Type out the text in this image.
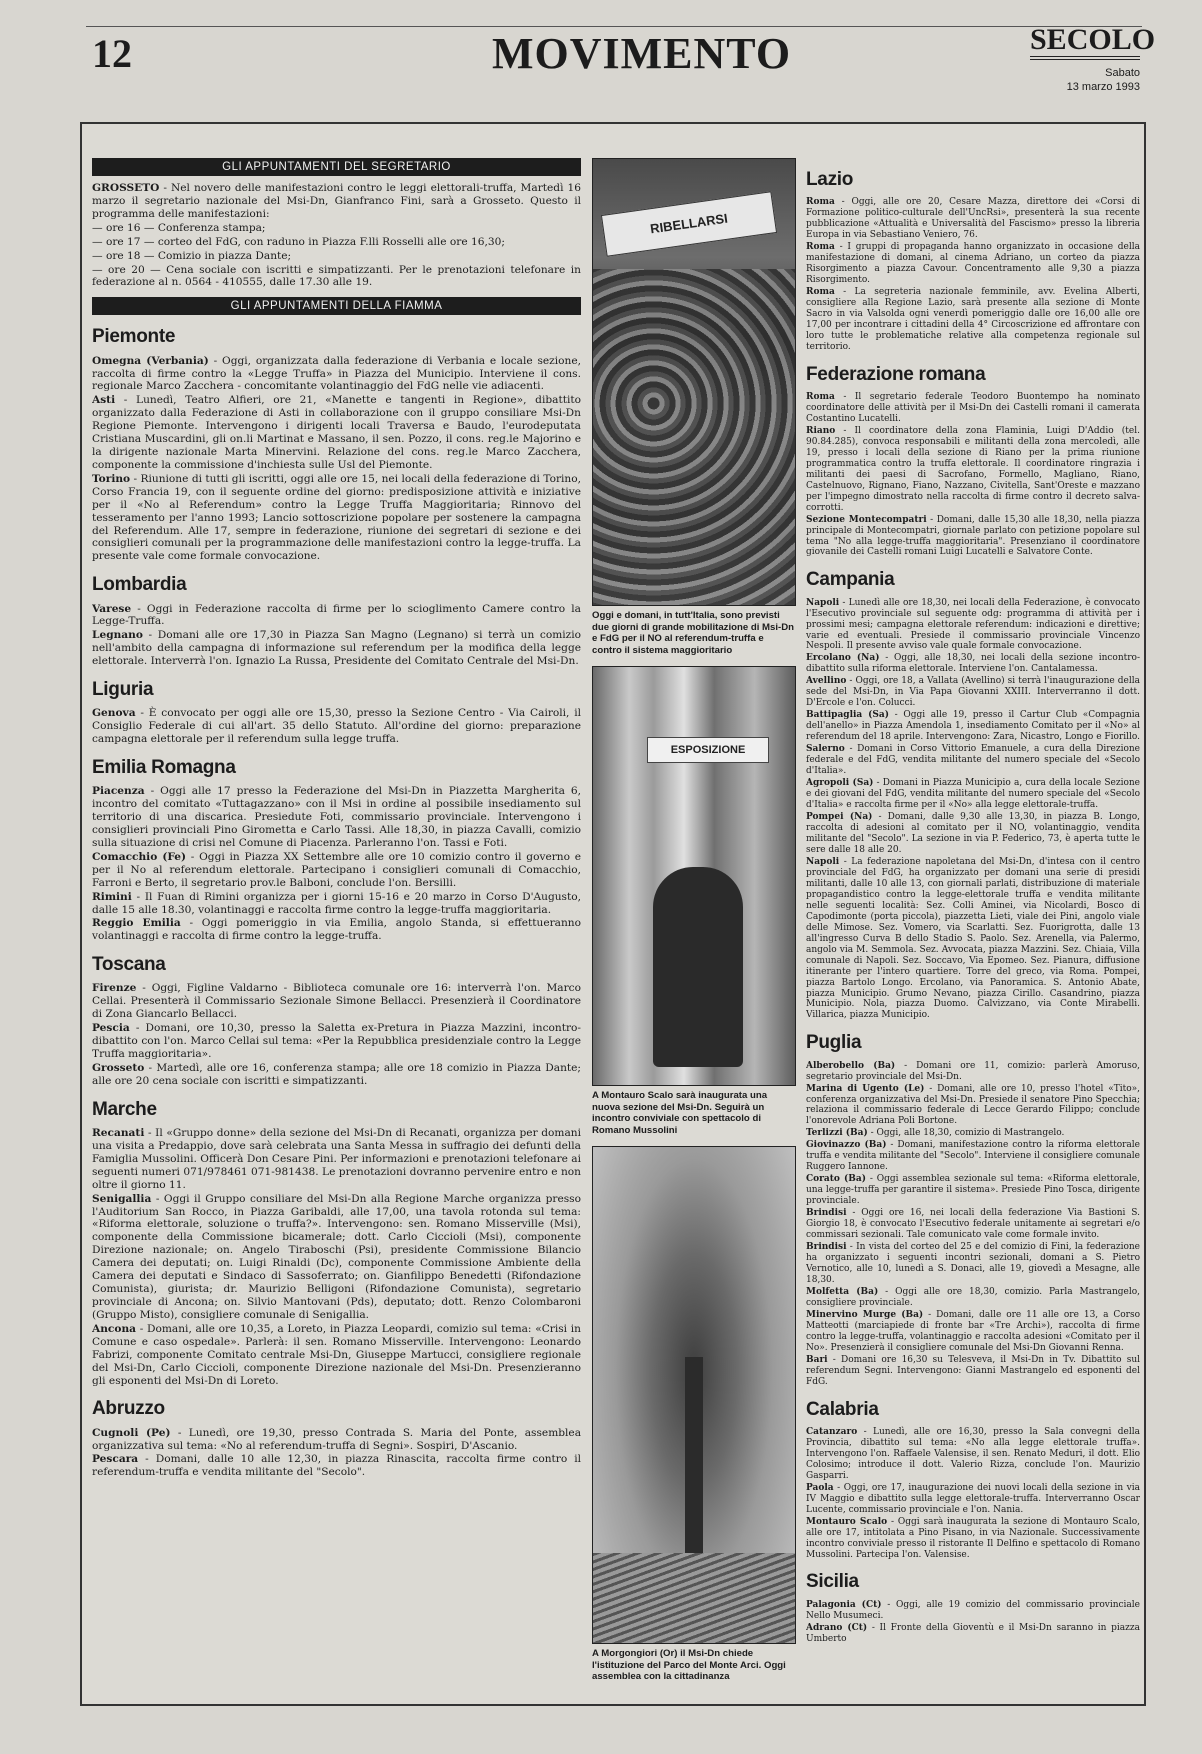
12	MOVIMENTO	SECOLO
Sabato
13 marzo 1993
GLI APPUNTAMENTI DEL SEGRETARIO

GROSSETO - Nel novero delle manifestazioni contro le leggi elettorali-truffa, Martedì 16 marzo il segretario nazionale del Msi-Dn, Gianfranco Fini, sarà a Grosseto. Questo il programma delle manifestazioni:

— ore 16 — Conferenza stampa;

— ore 17 — corteo del FdG, con raduno in Piazza F.lli Rosselli alle ore 16,30;

— ore 18 — Comizio in piazza Dante;

— ore 20 — Cena sociale con iscritti e simpatizzanti. Per le prenotazioni telefonare in federazione al n. 0564 - 410555, dalle 17.30 alle 19.

GLI APPUNTAMENTI DELLA FIAMMA
Piemonte

Omegna (Verbania) - Oggi, organizzata dalla federazione di Verbania e locale sezione, raccolta di firme contro la «Legge Truffa» in Piazza del Municipio. Interviene il cons. regionale Marco Zacchera - concomitante volantinaggio del FdG nelle vie adiacenti.

Asti - Lunedì, Teatro Alfieri, ore 21, «Manette e tangenti in Regione», dibattito organizzato dalla Federazione di Asti in collaborazione con il gruppo consiliare Msi-Dn Regione Piemonte. Intervengono i dirigenti locali Traversa e Baudo, l'eurodeputata Cristiana Muscardini, gli on.li Martinat e Massano, il sen. Pozzo, il cons. reg.le Majorino e la dirigente nazionale Marta Minervini. Relazione del cons. reg.le Marco Zacchera, componente la commissione d'inchiesta sulle Usl del Piemonte.

Torino - Riunione di tutti gli iscritti, oggi alle ore 15, nei locali della federazione di Torino, Corso Francia 19, con il seguente ordine del giorno: predisposizione attività e iniziative per il «No al Referendum» contro la Legge Truffa Maggioritaria; Rinnovo del tesseramento per l'anno 1993; Lancio sottoscrizione popolare per sostenere la campagna del Referendum. Alle 17, sempre in federazione, riunione dei segretari di sezione e dei consiglieri comunali per la programmazione delle manifestazioni contro la legge-truffa. La presente vale come formale convocazione.

Lombardia

Varese - Oggi in Federazione raccolta di firme per lo scioglimento Camere contro la Legge-Truffa.

Legnano - Domani alle ore 17,30 in Piazza San Magno (Legnano) si terrà un comizio nell'ambito della campagna di informazione sul referendum per la modifica della legge elettorale. Interverrà l'on. Ignazio La Russa, Presidente del Comitato Centrale del Msi-Dn.

Liguria

Genova - È convocato per oggi alle ore 15,30, presso la Sezione Centro - Via Cairoli, il Consiglio Federale di cui all'art. 35 dello Statuto. All'ordine del giorno: preparazione campagna elettorale per il referendum sulla legge truffa.

Emilia Romagna

Piacenza - Oggi alle 17 presso la Federazione del Msi-Dn in Piazzetta Margherita 6, incontro del comitato «Tuttagazzano» con il Msi in ordine al possibile insediamento sul territorio di una discarica. Presiedute Foti, commissario provinciale. Intervengono i consiglieri provinciali Pino Girometta e Carlo Tassi. Alle 18,30, in piazza Cavalli, comizio sulla situazione di crisi nel Comune di Piacenza. Parleranno l'on. Tassi e Foti.

Comacchio (Fe) - Oggi in Piazza XX Settembre alle ore 10 comizio contro il governo e per il No al referendum elettorale. Partecipano i consiglieri comunali di Comacchio, Farroni e Berto, il segretario prov.le Balboni, conclude l'on. Bersilli.

Rimini - Il Fuan di Rimini organizza per i giorni 15-16 e 20 marzo in Corso D'Augusto, dalle 15 alle 18.30, volantinaggi e raccolta firme contro la legge-truffa maggioritaria.

Reggio Emilia - Oggi pomeriggio in via Emilia, angolo Standa, si effettueranno volantinaggi e raccolta di firme contro la legge-truffa.

Toscana

Firenze - Oggi, Figline Valdarno - Biblioteca comunale ore 16: interverrà l'on. Marco Cellai. Presenterà il Commissario Sezionale Simone Bellacci. Presenzierà il Coordinatore di Zona Giancarlo Bellacci.

Pescia - Domani, ore 10,30, presso la Saletta ex-Pretura in Piazza Mazzini, incontro-dibattito con l'on. Marco Cellai sul tema: «Per la Repubblica presidenziale contro la Legge Truffa maggioritaria».

Grosseto - Martedì, alle ore 16, conferenza stampa; alle ore 18 comizio in Piazza Dante; alle ore 20 cena sociale con iscritti e simpatizzanti.

Marche

Recanati - Il «Gruppo donne» della sezione del Msi-Dn di Recanati, organizza per domani una visita a Predappio, dove sarà celebrata una Santa Messa in suffragio dei defunti della Famiglia Mussolini. Officerà Don Cesare Pini. Per informazioni e prenotazioni telefonare ai seguenti numeri 071/978461 071-981438. Le prenotazioni dovranno pervenire entro e non oltre il giorno 11.

Senigallia - Oggi il Gruppo consiliare del Msi-Dn alla Regione Marche organizza presso l'Auditorium San Rocco, in Piazza Garibaldi, alle 17,00, una tavola rotonda sul tema: «Riforma elettorale, soluzione o truffa?». Intervengono: sen. Romano Misserville (Msi), componente della Commissione bicamerale; dott. Carlo Ciccioli (Msi), componente Direzione nazionale; on. Angelo Tiraboschi (Psi), presidente Commissione Bilancio Camera dei deputati; on. Luigi Rinaldi (Dc), componente Commissione Ambiente della Camera dei deputati e Sindaco di Sassoferrato; on. Gianfilippo Benedetti (Rifondazione Comunista), giurista; dr. Maurizio Belligoni (Rifondazione Comunista), segretario provinciale di Ancona; on. Silvio Mantovani (Pds), deputato; dott. Renzo Colombaroni (Gruppo Misto), consigliere comunale di Senigallia.

Ancona - Domani, alle ore 10,35, a Loreto, in Piazza Leopardi, comizio sul tema: «Crisi in Comune e caso ospedale». Parlerà: il sen. Romano Misserville. Intervengono: Leonardo Fabrizi, componente Comitato centrale Msi-Dn, Giuseppe Martucci, consigliere regionale del Msi-Dn, Carlo Ciccioli, componente Direzione nazionale del Msi-Dn. Presenzieranno gli esponenti del Msi-Dn di Loreto.

Abruzzo

Cugnoli (Pe) - Lunedì, ore 19,30, presso Contrada S. Maria del Ponte, assemblea organizzativa sul tema: «No al referendum-truffa di Segni». Sospiri, D'Ascanio.

Pescara - Domani, dalle 10 alle 12,30, in piazza Rinascita, raccolta firme contro il referendum-truffa e vendita militante del "Secolo".

RIBELLARSI
Oggi e domani, in tutt'Italia, sono previsti due giorni di grande mobilitazione di Msi-Dn e FdG per il NO al referendum-truffa e contro il sistema maggioritario
ESPOSIZIONE
A Montauro Scalo sarà inaugurata una nuova sezione del Msi-Dn. Seguirà un incontro conviviale con spettacolo di Romano Mussolini
A Morgongiori (Or) il Msi-Dn chiede l'istituzione del Parco del Monte Arci. Oggi assemblea con la cittadinanza
Lazio

Roma - Oggi, alle ore 20, Cesare Mazza, direttore dei «Corsi di Formazione politico-culturale dell'UncRsi», presenterà la sua recente pubblicazione «Attualità e Universalità del Fascismo» presso la libreria Europa in via Sebastiano Veniero, 76.

Roma - I gruppi di propaganda hanno organizzato in occasione della manifestazione di domani, al cinema Adriano, un corteo da piazza Risorgimento a piazza Cavour. Concentramento alle 9,30 a piazza Risorgimento.

Roma - La segreteria nazionale femminile, avv. Evelina Alberti, consigliere alla Regione Lazio, sarà presente alla sezione di Monte Sacro in via Valsolda ogni venerdì pomeriggio dalle ore 16,00 alle ore 17,00 per incontrare i cittadini della 4° Circoscrizione ed affrontare con loro tutte le problematiche relative alla competenza regionale sul territorio.

Federazione romana

Roma - Il segretario federale Teodoro Buontempo ha nominato coordinatore delle attività per il Msi-Dn dei Castelli romani il camerata Costantino Lucatelli.

Riano - Il coordinatore della zona Flaminia, Luigi D'Addio (tel. 90.84.285), convoca responsabili e militanti della zona mercoledì, alle 19, presso i locali della sezione di Riano per la prima riunione programmatica contro la truffa elettorale. Il coordinatore ringrazia i militanti dei paesi di Sacrofano, Formello, Magliano, Riano, Castelnuovo, Rignano, Fiano, Nazzano, Civitella, Sant'Oreste e mazzano per l'impegno dimostrato nella raccolta di firme contro il decreto salva-corrotti.

Sezione Montecompatri - Domani, dalle 15,30 alle 18,30, nella piazza principale di Montecompatri, giornale parlato con petizione popolare sul tema "No alla legge-truffa maggioritaria". Presenziano il coordinatore giovanile dei Castelli romani Luigi Lucatelli e Salvatore Conte.

Campania

Napoli - Lunedì alle ore 18,30, nei locali della Federazione, è convocato l'Esecutivo provinciale sul seguente odg: programma di attività per i prossimi mesi; campagna elettorale referendum: indicazioni e direttive; varie ed eventuali. Presiede il commissario provinciale Vincenzo Nespoli. Il presente avviso vale quale formale convocazione.

Ercolano (Na) - Oggi, alle 18,30, nei locali della sezione incontro-dibattito sulla riforma elettorale. Interviene l'on. Cantalamessa.

Avellino - Oggi, ore 18, a Vallata (Avellino) si terrà l'inaugurazione della sede del Msi-Dn, in Via Papa Giovanni XXIII. Interverranno il dott. D'Ercole e l'on. Colucci.

Battipaglia (Sa) - Oggi alle 19, presso il Cartur Club «Compagnia dell'anello» in Piazza Amendola 1, insediamento Comitato per il «No» al referendum del 18 aprile. Intervengono: Zara, Nicastro, Longo e Fiorillo.

Salerno - Domani in Corso Vittorio Emanuele, a cura della Direzione federale e del FdG, vendita militante del numero speciale del «Secolo d'Italia».

Agropoli (Sa) - Domani in Piazza Municipio a, cura della locale Sezione e dei giovani del FdG, vendita militante del numero speciale del «Secolo d'Italia» e raccolta firme per il «No» alla legge elettorale-truffa.

Pompei (Na) - Domani, dalle 9,30 alle 13,30, in piazza B. Longo, raccolta di adesioni al comitato per il NO, volantinaggio, vendita militante del "Secolo". La sezione in via P. Federico, 73, è aperta tutte le sere dalle 18 alle 20.

Napoli - La federazione napoletana del Msi-Dn, d'intesa con il centro provinciale del FdG, ha organizzato per domani una serie di presidi militanti, dalle 10 alle 13, con giornali parlati, distribuzione di materiale propagandistico contro la legge-elettorale truffa e vendita militante nelle seguenti località: Sez. Colli Aminei, via Nicolardi, Bosco di Capodimonte (porta piccola), piazzetta Lieti, viale dei Pini, angolo viale delle Mimose. Sez. Vomero, via Scarlatti. Sez. Fuorigrotta, dalle 13 all'ingresso Curva B dello Stadio S. Paolo. Sez. Arenella, via Palermo, angolo via M. Semmola. Sez. Avvocata, piazza Mazzini. Sez. Chiaia, Villa comunale di Napoli. Sez. Soccavo, Via Epomeo. Sez. Pianura, diffusione itinerante per l'intero quartiere. Torre del greco, via Roma. Pompei, piazza Bartolo Longo. Ercolano, via Panoramica. S. Antonio Abate, piazza Municipio. Grumo Nevano, piazza Cirillo. Casandrino, piazza Municipio. Nola, piazza Duomo. Calvizzano, via Conte Mirabelli. Villarica, piazza Municipio.

Puglia

Alberobello (Ba) - Domani ore 11, comizio: parlerà Amoruso, segretario provinciale del Msi-Dn.

Marina di Ugento (Le) - Domani, alle ore 10, presso l'hotel «Tito», conferenza organizzativa del Msi-Dn. Presiede il senatore Pino Specchia; relaziona il commissario federale di Lecce Gerardo Filippo; conclude l'onorevole Adriana Poli Bortone.

Terlizzi (Ba) - Oggi, alle 18,30, comizio di Mastrangelo.

Giovinazzo (Ba) - Domani, manifestazione contro la riforma elettorale truffa e vendita militante del "Secolo". Interviene il consigliere comunale Ruggero Iannone.

Corato (Ba) - Oggi assemblea sezionale sul tema: «Riforma elettorale, una legge-truffa per garantire il sistema». Presiede Pino Tosca, dirigente provinciale.

Brindisi - Oggi ore 16, nei locali della federazione Via Bastioni S. Giorgio 18, è convocato l'Esecutivo federale unitamente ai segretari e/o commissari sezionali. Tale comunicato vale come formale invito.

Brindisi - In vista del corteo del 25 e del comizio di Fini, la federazione ha organizzato i seguenti incontri sezionali, domani a S. Pietro Vernotico, alle 10, lunedì a S. Donaci, alle 19, giovedì a Mesagne, alle 18,30.

Molfetta (Ba) - Oggi alle ore 18,30, comizio. Parla Mastrangelo, consigliere provinciale.

Minervino Murge (Ba) - Domani, dalle ore 11 alle ore 13, a Corso Matteotti (marciapiede di fronte bar «Tre Archi»), raccolta di firme contro la legge-truffa, volantinaggio e raccolta adesioni «Comitato per il No». Presenzierà il consigliere comunale del Msi-Dn Giovanni Renna.

Bari - Domani ore 16,30 su Telesveva, il Msi-Dn in Tv. Dibattito sul referendum Segni. Intervengono: Gianni Mastrangelo ed esponenti del FdG.

Calabria

Catanzaro - Lunedì, alle ore 16,30, presso la Sala convegni della Provincia, dibattito sul tema: «No alla legge elettorale truffa». Intervengono l'on. Raffaele Valensise, il sen. Renato Meduri, il dott. Elio Colosimo; introduce il dott. Valerio Rizza, conclude l'on. Maurizio Gasparri.

Paola - Oggi, ore 17, inaugurazione dei nuovi locali della sezione in via IV Maggio e dibattito sulla legge elettorale-truffa. Interverranno Oscar Lucente, commissario provinciale e l'on. Nania.

Montauro Scalo - Oggi sarà inaugurata la sezione di Montauro Scalo, alle ore 17, intitolata a Pino Pisano, in via Nazionale. Successivamente incontro conviviale presso il ristorante Il Delfino e spettacolo di Romano Mussolini. Partecipa l'on. Valensise.

Sicilia

Palagonia (Ct) - Oggi, alle 19 comizio del commissario provinciale Nello Musumeci.

Adrano (Ct) - Il Fronte della Gioventù e il Msi-Dn saranno in piazza Umberto
